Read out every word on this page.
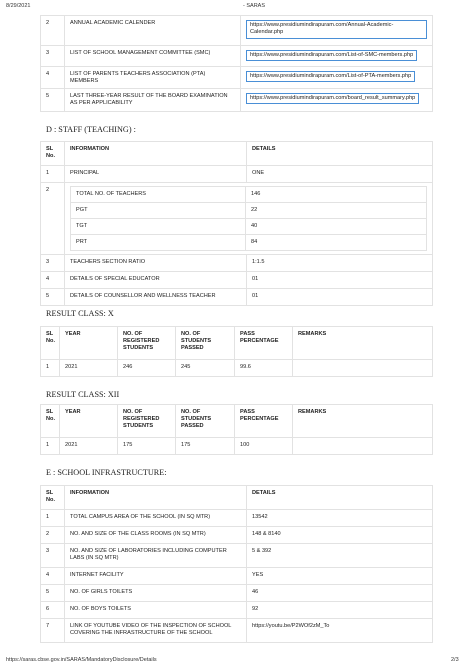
8/29/2021	- SARAS
2	ANNUAL ACADEMIC CALENDER	https://www.presidiumindirapuram.com/Annual-Academic-Calendar.php
3	LIST OF SCHOOL MANAGEMENT COMMITTEE (SMC)	https://www.presidiumindirapuram.com/List-of-SMC-members.php
4	LIST OF PARENTS TEACHERS ASSOCIATION (PTA) MEMBERS	https://www.presidiumindirapuram.com/List-of-PTA-members.php
5	LAST THREE-YEAR RESULT OF THE BOARD EXAMINATION AS PER APPLICABILITY	https://www.presidiumindirapuram.com/board_result_summary.php
D : STAFF (TEACHING) :
SL No.	INFORMATION	DETAILS
1	PRINCIPAL	ONE
2	
TOTAL NO. OF TEACHERS	146
PGT	22
TGT	40
PRT	84

3	TEACHERS SECTION RATIO	1:1.5
4	DETAILS OF SPECIAL EDUCATOR	01
5	DETAILS OF COUNSELLOR AND WELLNESS TEACHER	01
RESULT CLASS: X
SL No.	YEAR	NO. OF REGISTERED STUDENTS	NO. OF STUDENTS PASSED	PASS PERCENTAGE	REMARKS
1	2021	246	245	99.6	
RESULT CLASS: XII
SL No.	YEAR	NO. OF REGISTERED STUDENTS	NO. OF STUDENTS PASSED	PASS PERCENTAGE	REMARKS
1	2021	175	175	100	
E : SCHOOL INFRASTRUCTURE:
SL No.	INFORMATION	DETAILS
1	TOTAL CAMPUS AREA OF THE SCHOOL (IN SQ MTR)	13542
2	NO. AND SIZE OF THE CLASS ROOMS (IN SQ MTR)	148 & 8140
3	NO. AND SIZE OF LABORATORIES INCLUDING COMPUTER LABS (IN SQ MTR)	5 & 392
4	INTERNET FACILITY	YES
5	NO. OF GIRLS TOILETS	46
6	NO. OF BOYS TOILETS	92
7	LINK OF YOUTUBE VIDEO OF THE INSPECTION OF SCHOOL COVERING THE INFRASTRUCTURE OF THE SCHOOL	https://youtu.be/P2WOf2zM_To
https://saras.cbse.gov.in/SARAS/MandatoryDisclosure/Details	2/3
